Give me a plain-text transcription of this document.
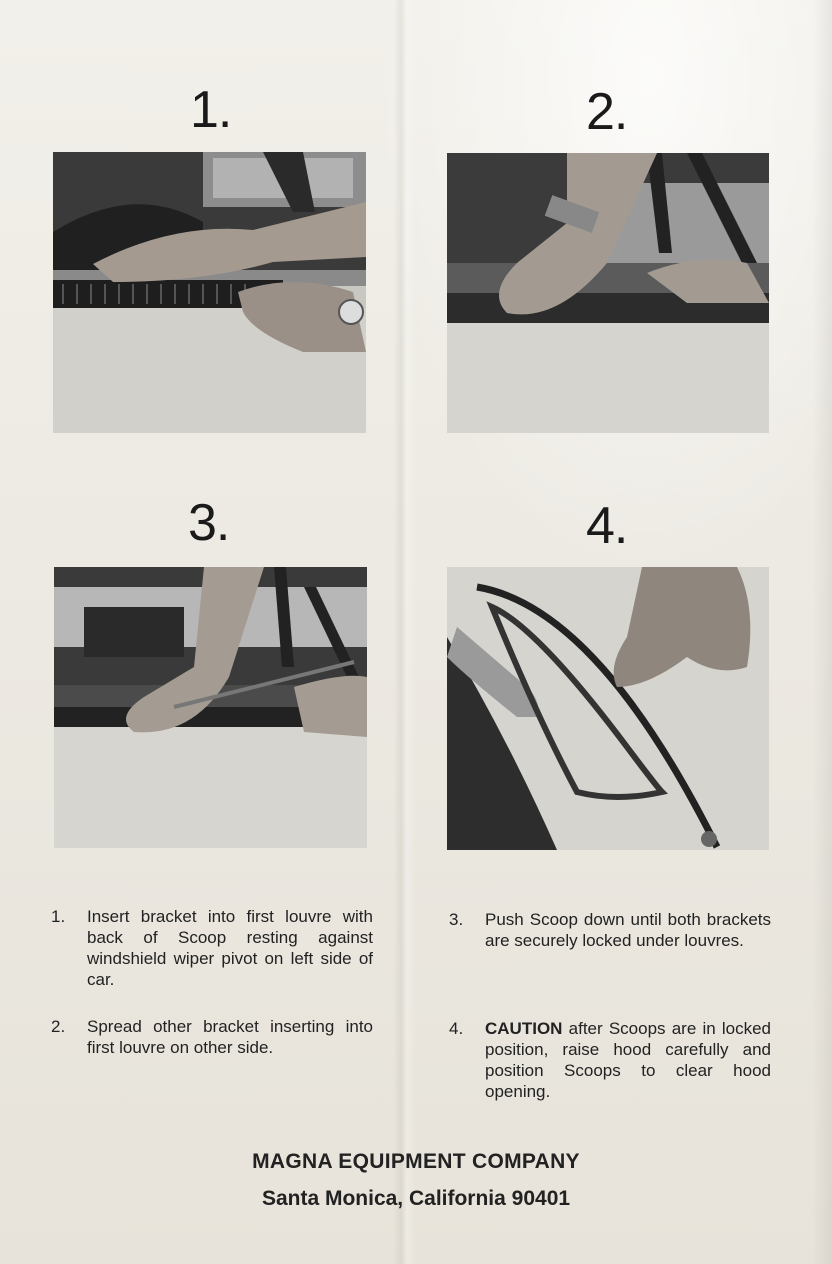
1.	2.
3.	4.
1.	Insert bracket into first louvre with back of Scoop resting against windshield wiper pivot on left side of car.
2.	Spread other bracket inserting into first louvre on other side.
3.	Push Scoop down until both brackets are securely locked under louvres.
4.	CAUTION after Scoops are in locked position, raise hood carefully and position Scoops to clear hood opening.
MAGNA EQUIPMENT COMPANY
Santa Monica, California 90401
